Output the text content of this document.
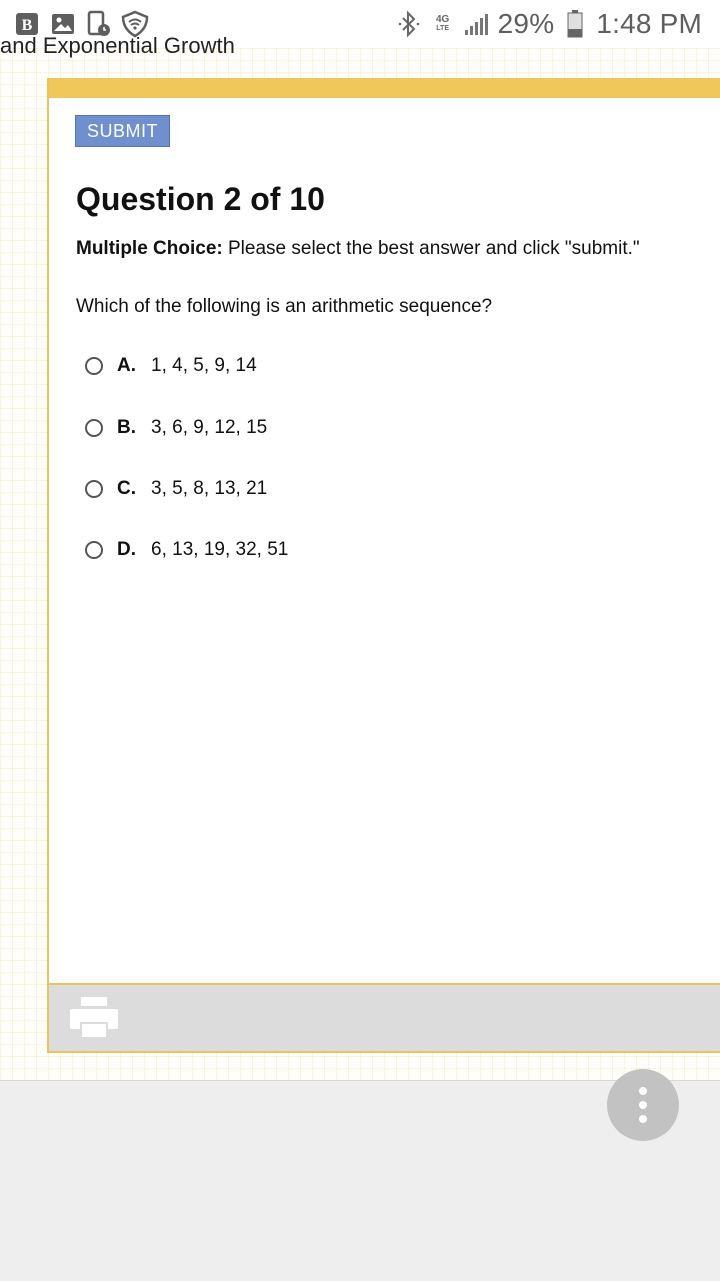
B	4G
LTE 29% 1:48 PM
and Exponential Growth
SUBMIT
Question 2 of 10
Multiple Choice: Please select the best answer and click "submit."
Which of the following is an arithmetic sequence?
A. 1, 4, 5, 9, 14
B. 3, 6, 9, 12, 15
C. 3, 5, 8, 13, 21
D. 6, 13, 19, 32, 51
